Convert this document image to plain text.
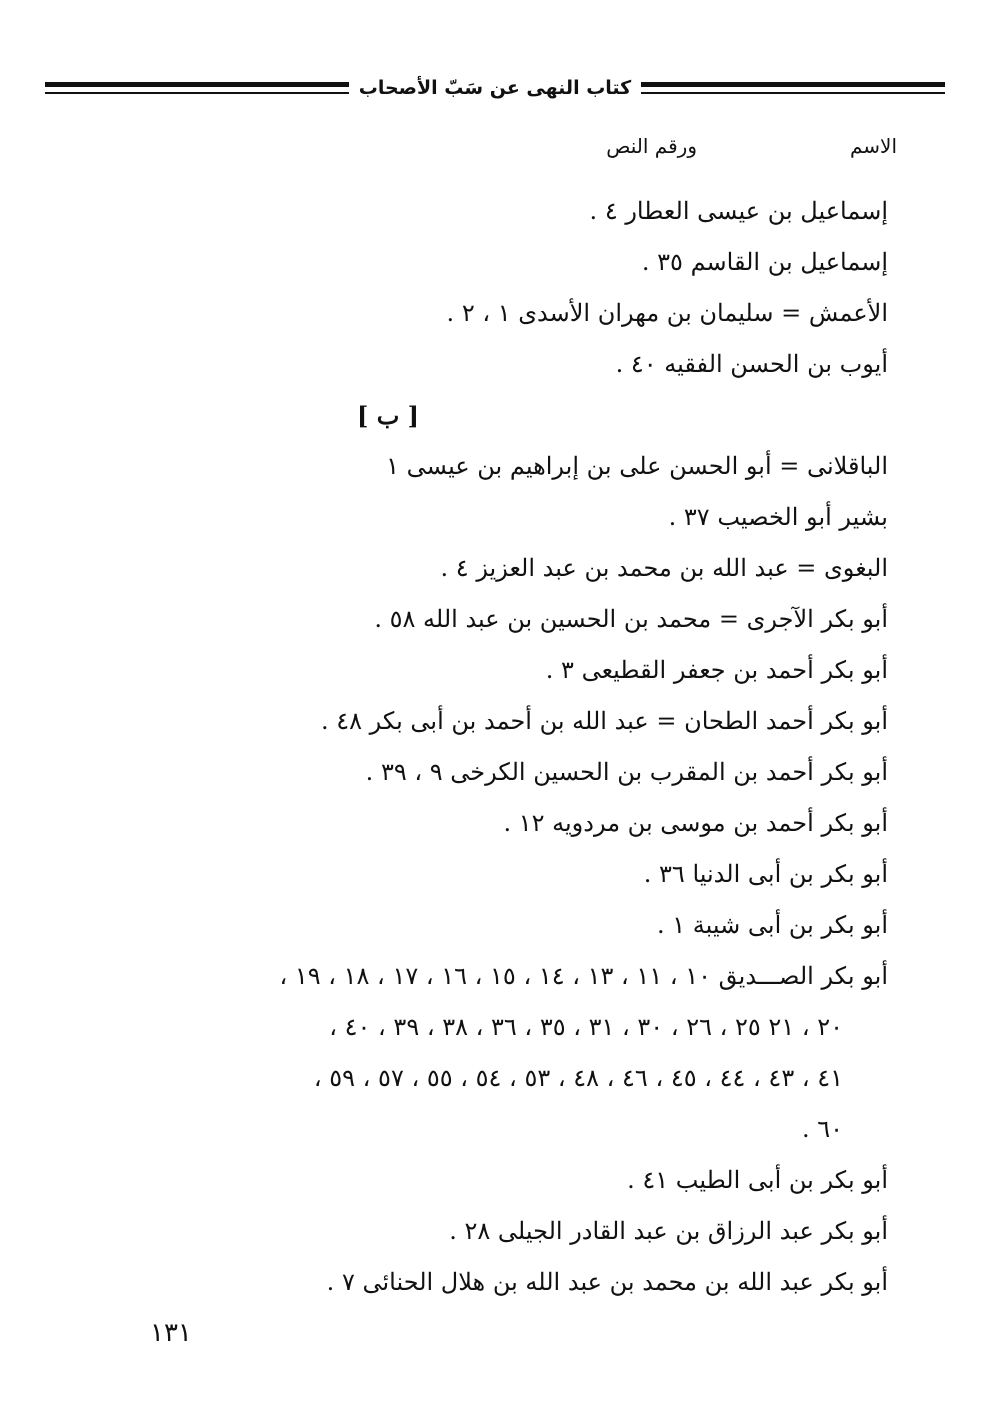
كتاب النهى عن سَبّ الأصحاب
الاسم
ورقم النص
إسماعيل بن عيسى العطار ٤ .
إسماعيل بن القاسم ٣٥ .
الأعمش = سليمان بن مهران الأسدى ١ ، ٢ .
أيوب بن الحسن الفقيه ٤٠ .
[ ب ]
الباقلانى = أبو الحسن على بن إبراهيم بن عيسى ١
بشير أبو الخصيب ٣٧ .
البغوى = عبد الله بن محمد بن عبد العزيز ٤ .
أبو بكر الآجرى = محمد بن الحسين بن عبد الله ٥٨ .
أبو بكر أحمد بن جعفر القطيعى ٣ .
أبو بكر أحمد الطحان = عبد الله بن أحمد بن أبى بكر ٤٨ .
أبو بكر أحمد بن المقرب بن الحسين الكرخى ٩ ، ٣٩ .
أبو بكر أحمد بن موسى بن مردويه ١٢ .
أبو بكر بن أبى الدنيا ٣٦ .
أبو بكر بن أبى شيبة ١ .
أبو بكر الصـــديق ١٠ ، ١١ ، ١٣ ، ١٤ ، ١٥ ، ١٦ ، ١٧ ، ١٨ ، ١٩ ،
٢٠ ، ٢١ ٢٥ ، ٢٦ ، ٣٠ ، ٣١ ، ٣٥ ، ٣٦ ، ٣٨ ، ٣٩ ، ٤٠ ،
٤١ ، ٤٣ ، ٤٤ ، ٤٥ ، ٤٦ ، ٤٨ ، ٥٣ ، ٥٤ ، ٥٥ ، ٥٧ ، ٥٩ ،
٦٠ .
أبو بكر بن أبى الطيب ٤١ .
أبو بكر عبد الرزاق بن عبد القادر الجيلى ٢٨ .
أبو بكر عبد الله بن محمد بن عبد الله بن هلال الحنائى ٧ .
١٣١
